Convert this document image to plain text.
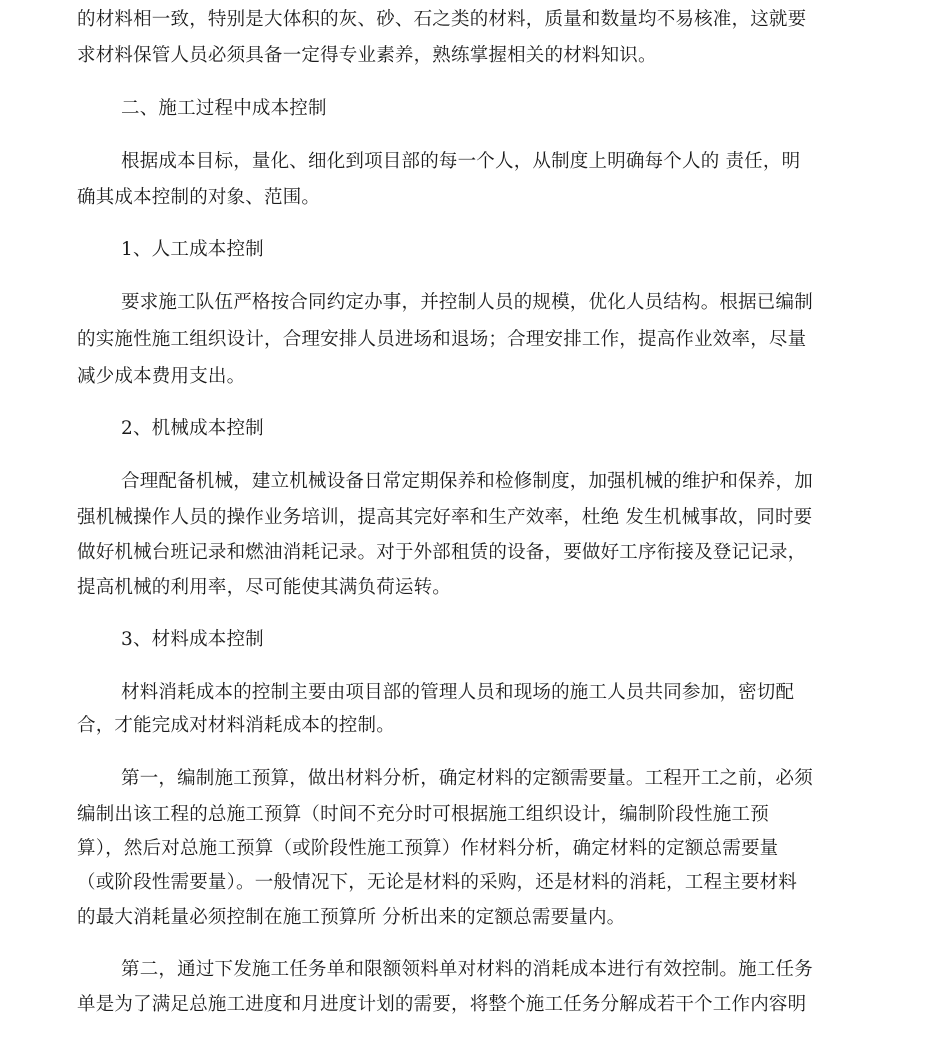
的材料相一致，特别是大体积的灰、砂、石之类的材料，质量和数量均不易核准，这就要
求材料保管人员必须具备一定得专业素养，熟练掌握相关的材料知识。
二、施工过程中成本控制
根据成本目标，量化、细化到项目部的每一个人，从制度上明确每个人的 责任，明
确其成本控制的对象、范围。
1、人工成本控制
要求施工队伍严格按合同约定办事，并控制人员的规模，优化人员结构。根据已编制
的实施性施工组织设计，合理安排人员进场和退场；合理安排工作，提高作业效率，尽量
减少成本费用支出。
2、机械成本控制
合理配备机械，建立机械设备日常定期保养和检修制度，加强机械的维护和保养，加
强机械操作人员的操作业务培训，提高其完好率和生产效率，杜绝 发生机械事故，同时要
做好机械台班记录和燃油消耗记录。对于外部租赁的设备，要做好工序衔接及登记记录，
提高机械的利用率，尽可能使其满负荷运转。
3、材料成本控制
材料消耗成本的控制主要由项目部的管理人员和现场的施工人员共同参加，密切配
合，才能完成对材料消耗成本的控制。
第一，编制施工预算，做出材料分析，确定材料的定额需要量。工程开工之前，必须
编制出该工程的总施工预算（时间不充分时可根据施工组织设计，编制阶段性施工预
算），然后对总施工预算（或阶段性施工预算）作材料分析，确定材料的定额总需要量
（或阶段性需要量）。一般情况下，无论是材料的采购，还是材料的消耗，工程主要材料
的最大消耗量必须控制在施工预算所 分析出来的定额总需要量内。
第二，通过下发施工任务单和限额领料单对材料的消耗成本进行有效控制。施工任务
单是为了满足总施工进度和月进度计划的需要，将整个施工任务分解成若干个工作内容明
